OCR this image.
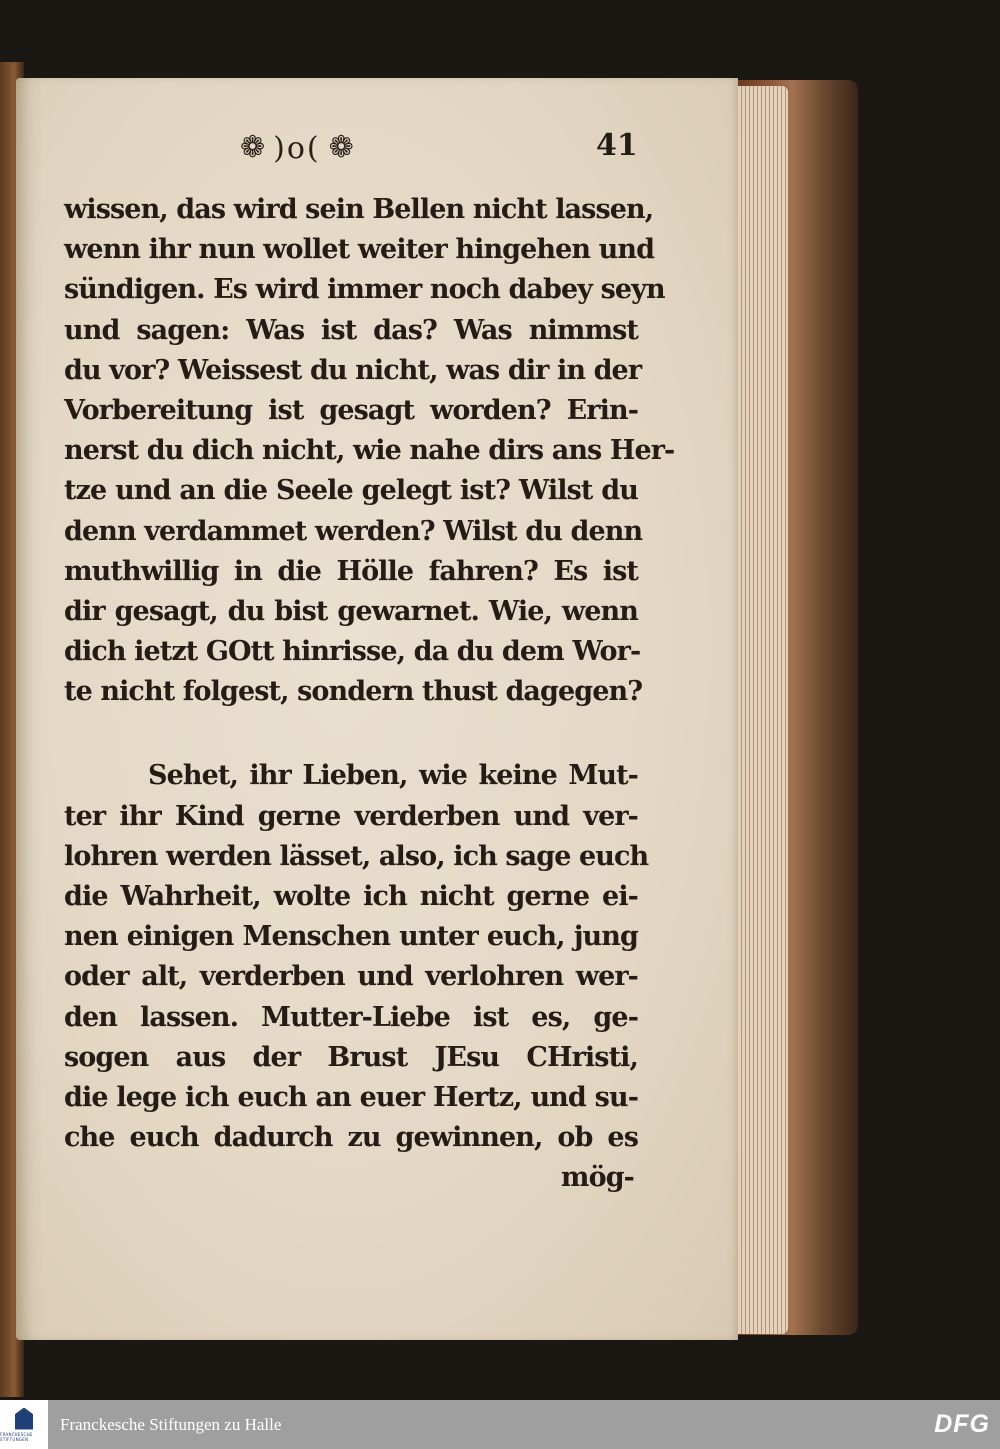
❁ )o( ❁	41
wissen, das wird sein Bellen nicht lassen,
wenn ihr nun wollet weiter hingehen und
sündigen. Es wird immer noch dabey seyn
und sagen: Was ist das? Was nimmst
du vor? Weissest du nicht, was dir in der
Vorbereitung ist gesagt worden? Erin-
nerst du dich nicht, wie nahe dirs ans Her-
tze und an die Seele gelegt ist? Wilst du
denn verdammet werden? Wilst du denn
muthwillig in die Hölle fahren? Es ist
dir gesagt, du bist gewarnet. Wie, wenn
dich ietzt GOtt hinrisse, da du dem Wor-
te nicht folgest, sondern thust dagegen?
Sehet, ihr Lieben, wie keine Mut-
ter ihr Kind gerne verderben und ver-
lohren werden lässet, also, ich sage euch
die Wahrheit, wolte ich nicht gerne ei-
nen einigen Menschen unter euch, jung
oder alt, verderben und verlohren wer-
den lassen. Mutter-Liebe ist es, ge-
sogen aus der Brust JEsu CHristi,
die lege ich euch an euer Hertz, und su-
che euch dadurch zu gewinnen, ob es
mög-
FRANCKESCHE STIFTUNGEN
Franckesche Stiftungen zu Halle	DFG
